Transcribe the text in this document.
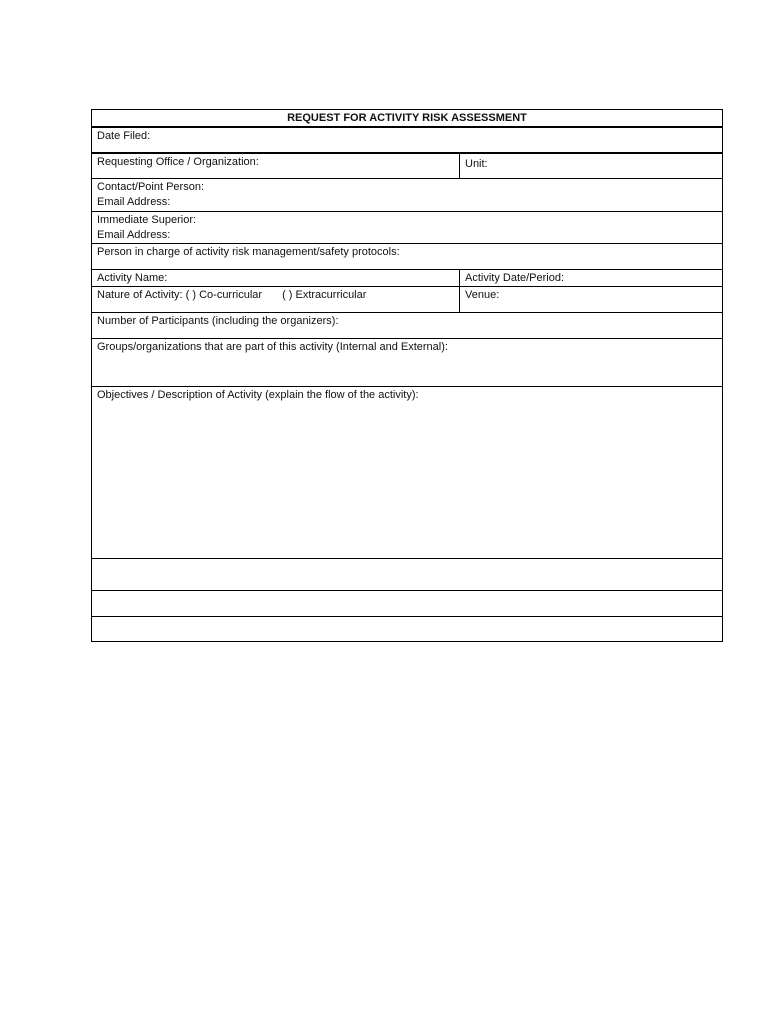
REQUEST FOR ACTIVITY RISK ASSESSMENT
Date Filed:
Requesting Office / Organization:	Unit:
Contact/Point Person:
Email Address:
Immediate Superior:
Email Address:
Person in charge of activity risk management/safety protocols:
Activity Name:	Activity Date/Period:
Nature of Activity: ( ) Co-curricular ( ) Extracurricular	Venue:
Number of Participants (including the organizers):
Groups/organizations that are part of this activity (Internal and External):
Objectives / Description of Activity (explain the flow of the activity):
